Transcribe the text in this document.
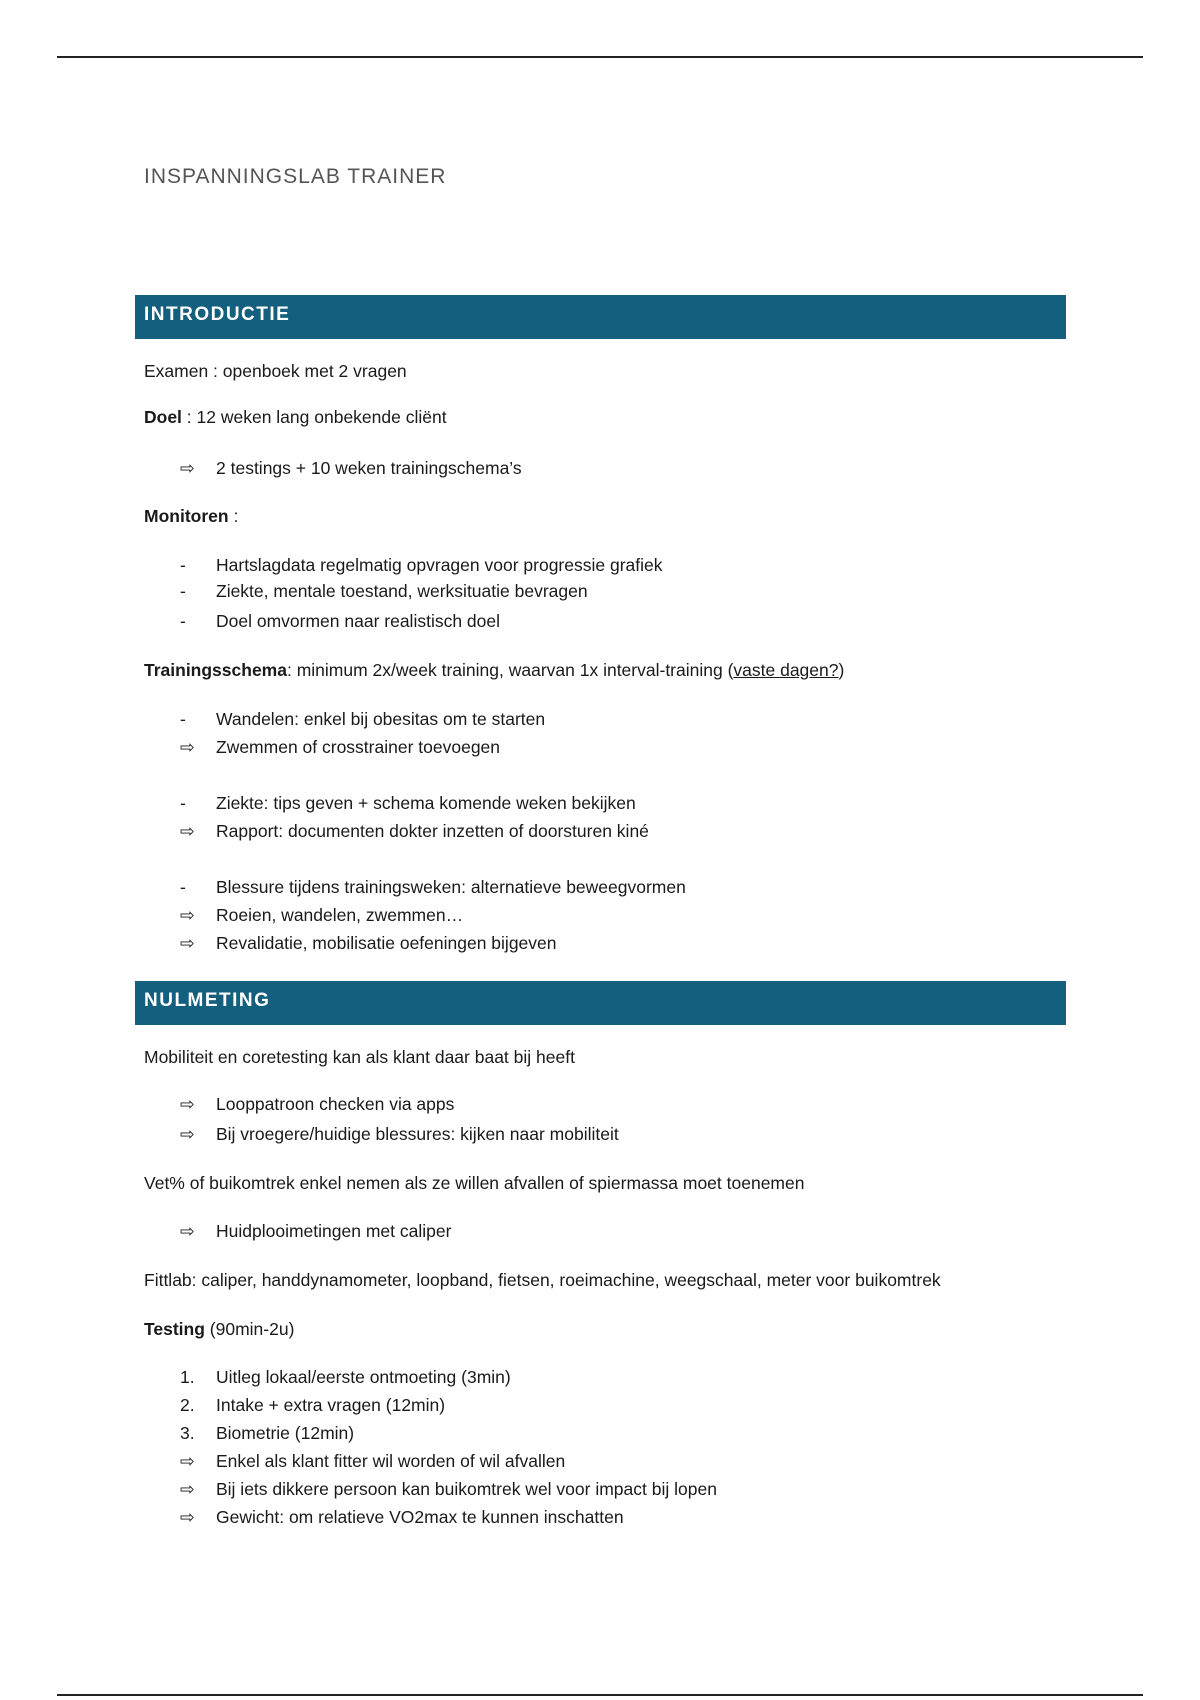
INSPANNINGSLAB TRAINER
INTRODUCTIE
Examen : openboek met 2 vragen
Doel : 12 weken lang onbekende cliënt
⇨ 2 testings + 10 weken trainingschema’s
Monitoren :
- Hartslagdata regelmatig opvragen voor progressie grafiek
- Ziekte, mentale toestand, werksituatie bevragen
- Doel omvormen naar realistisch doel
Trainingsschema: minimum 2x/week training, waarvan 1x interval-training (vaste dagen?)
- Wandelen: enkel bij obesitas om te starten
⇨ Zwemmen of crosstrainer toevoegen
- Ziekte: tips geven + schema komende weken bekijken
⇨ Rapport: documenten dokter inzetten of doorsturen kiné
- Blessure tijdens trainingsweken: alternatieve beweegvormen
⇨ Roeien, wandelen, zwemmen…
⇨ Revalidatie, mobilisatie oefeningen bijgeven
NULMETING
Mobiliteit en coretesting kan als klant daar baat bij heeft
⇨ Looppatroon checken via apps
⇨ Bij vroegere/huidige blessures: kijken naar mobiliteit
Vet% of buikomtrek enkel nemen als ze willen afvallen of spiermassa moet toenemen
⇨ Huidplooimetingen met caliper
Fittlab: caliper, handdynamometer, loopband, fietsen, roeimachine, weegschaal, meter voor buikomtrek
Testing (90min-2u)
1. Uitleg lokaal/eerste ontmoeting (3min)
2. Intake + extra vragen (12min)
3. Biometrie (12min)
⇨ Enkel als klant fitter wil worden of wil afvallen
⇨ Bij iets dikkere persoon kan buikomtrek wel voor impact bij lopen
⇨ Gewicht: om relatieve VO2max te kunnen inschatten
